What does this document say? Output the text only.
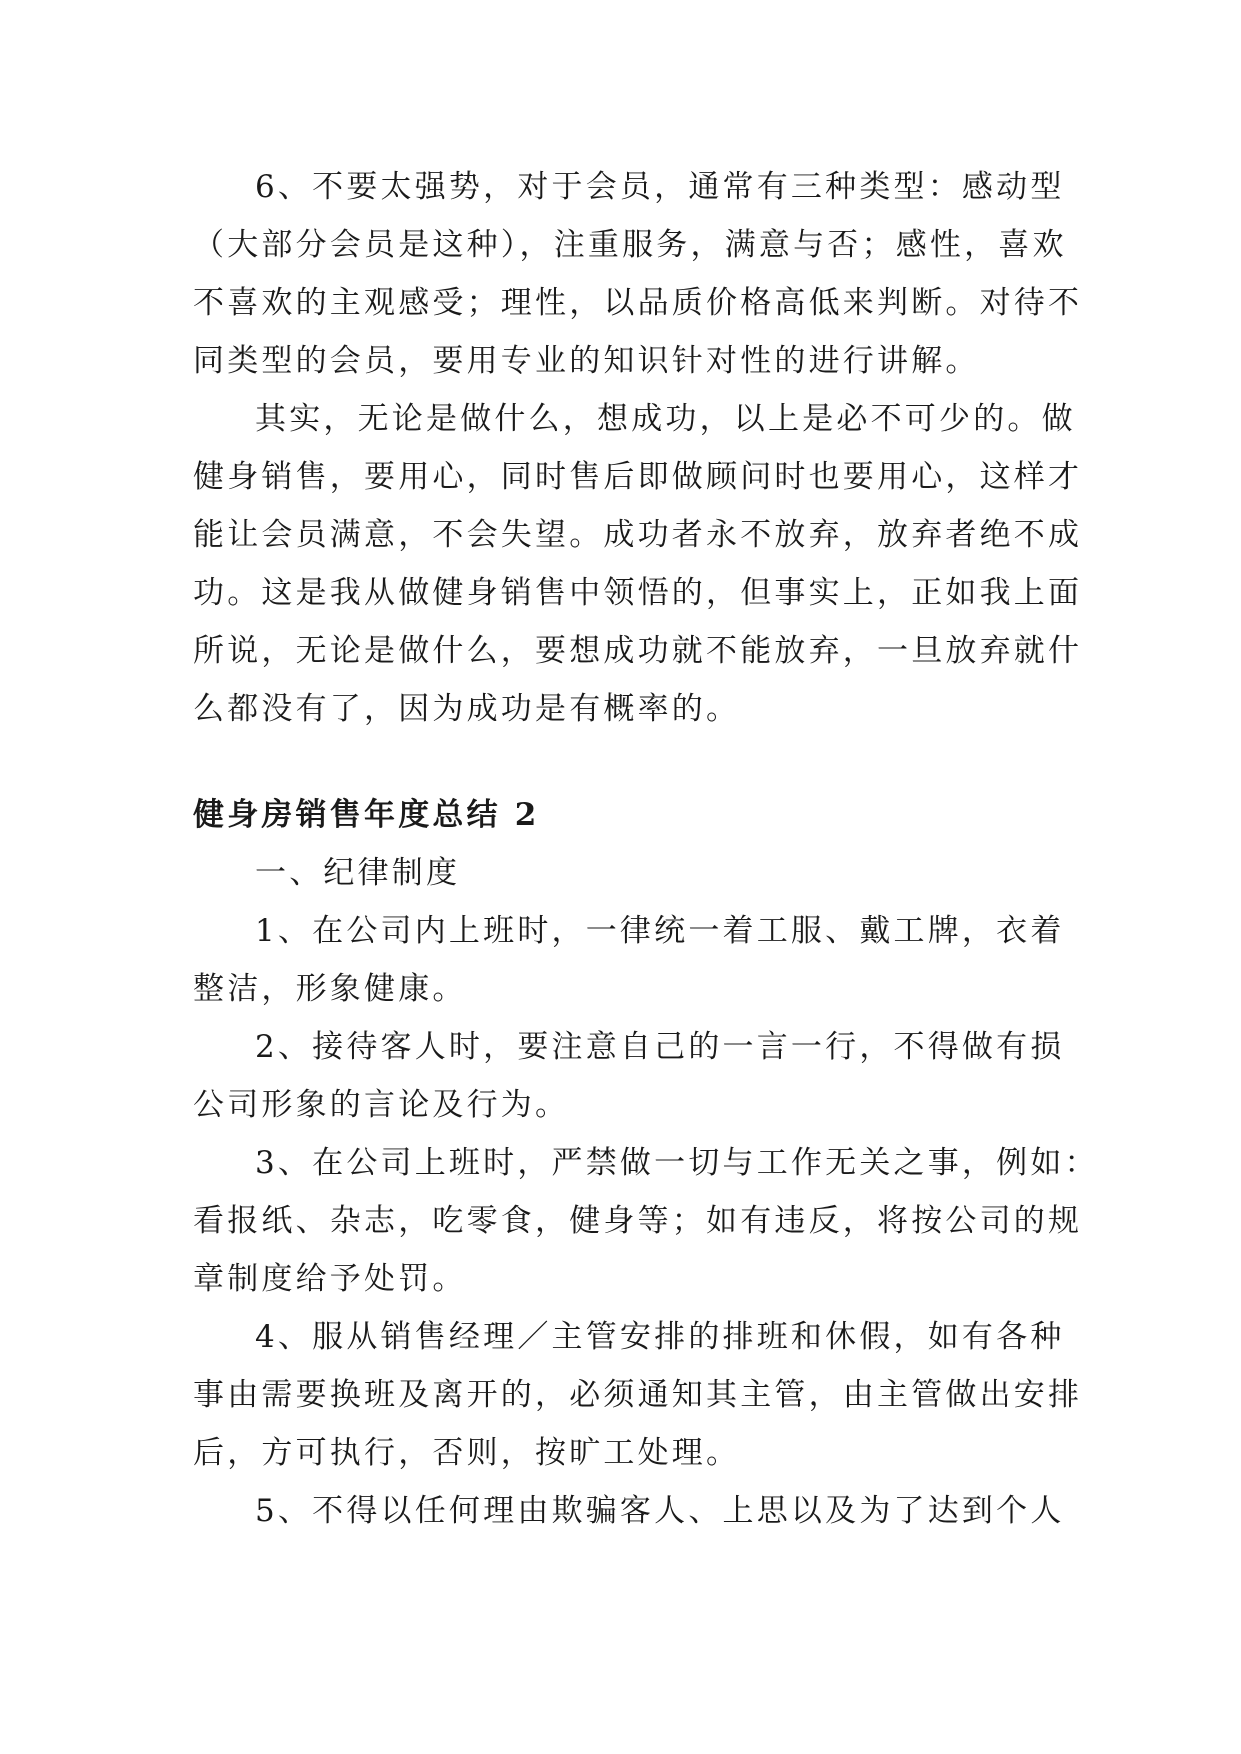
6、不要太强势，对于会员，通常有三种类型：感动型
（大部分会员是这种），注重服务，满意与否；感性，喜欢
不喜欢的主观感受；理性，以品质价格高低来判断。对待不
同类型的会员，要用专业的知识针对性的进行讲解。

其实，无论是做什么，想成功，以上是必不可少的。做
健身销售，要用心，同时售后即做顾问时也要用心，这样才
能让会员满意，不会失望。成功者永不放弃，放弃者绝不成
功。这是我从做健身销售中领悟的，但事实上，正如我上面
所说，无论是做什么，要想成功就不能放弃，一旦放弃就什
么都没有了，因为成功是有概率的。

健身房销售年度总结 2

一、纪律制度

1、在公司内上班时，一律统一着工服、戴工牌，衣着
整洁，形象健康。

2、接待客人时，要注意自己的一言一行，不得做有损
公司形象的言论及行为。

3、在公司上班时，严禁做一切与工作无关之事，例如：
看报纸、杂志，吃零食，健身等；如有违反，将按公司的规
章制度给予处罚。

4、服从销售经理／主管安排的排班和休假，如有各种
事由需要换班及离开的，必须通知其主管，由主管做出安排
后，方可执行，否则，按旷工处理。

5、不得以任何理由欺骗客人、上思以及为了达到个人
